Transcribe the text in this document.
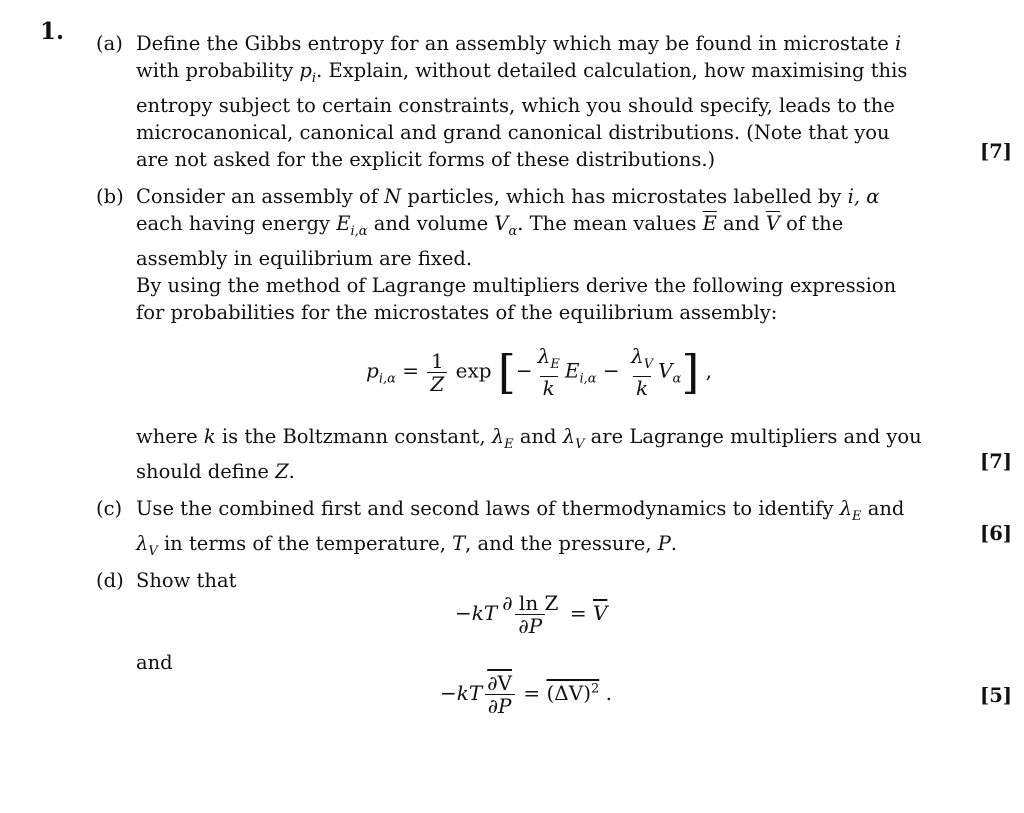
1. (a) Define the Gibbs entropy for an assembly which may be found in microstate i with probability $p_i$. Explain, without detailed calculation, how maximising this entropy subject to certain constraints, which you should specify, leads to the microcanonical, canonical and grand canonical distributions. (Note that you are not asked for the explicit forms of these distributions.)	[7]
(b) Consider an assembly of N particles, which has microstates labelled by i, α each having energy $E_{i,\alpha}$ and volume $V_\alpha$. The mean values $\overline{E}$ and $\overline{V}$ of the assembly in equilibrium are fixed.

By using the method of Lagrange multipliers derive the following expression for probabilities for the microstates of the equilibrium assembly:

$p_{i,\alpha} = \frac{1}{Z}$ exp [− $\frac{\lambda_E}{k} E_{i,\alpha} - \frac{\lambda_V}{k} V_\alpha$] ,

where k is the Boltzmann constant, $\lambda_E$ and $\lambda_V$ are Lagrange multipliers and you should define Z.	[7]
(c) Use the combined first and second laws of thermodynamics to identify $\lambda_E$ and $\lambda_V$ in terms of the temperature, T, and the pressure, P.	[6]
(d) Show that

$-kT \frac{\text{∂ ln Z}}{\partial P} = \overline{V}$

and

$-kT \frac{\partial V}{\partial P} = (\Delta V)^2$ .	[5]
